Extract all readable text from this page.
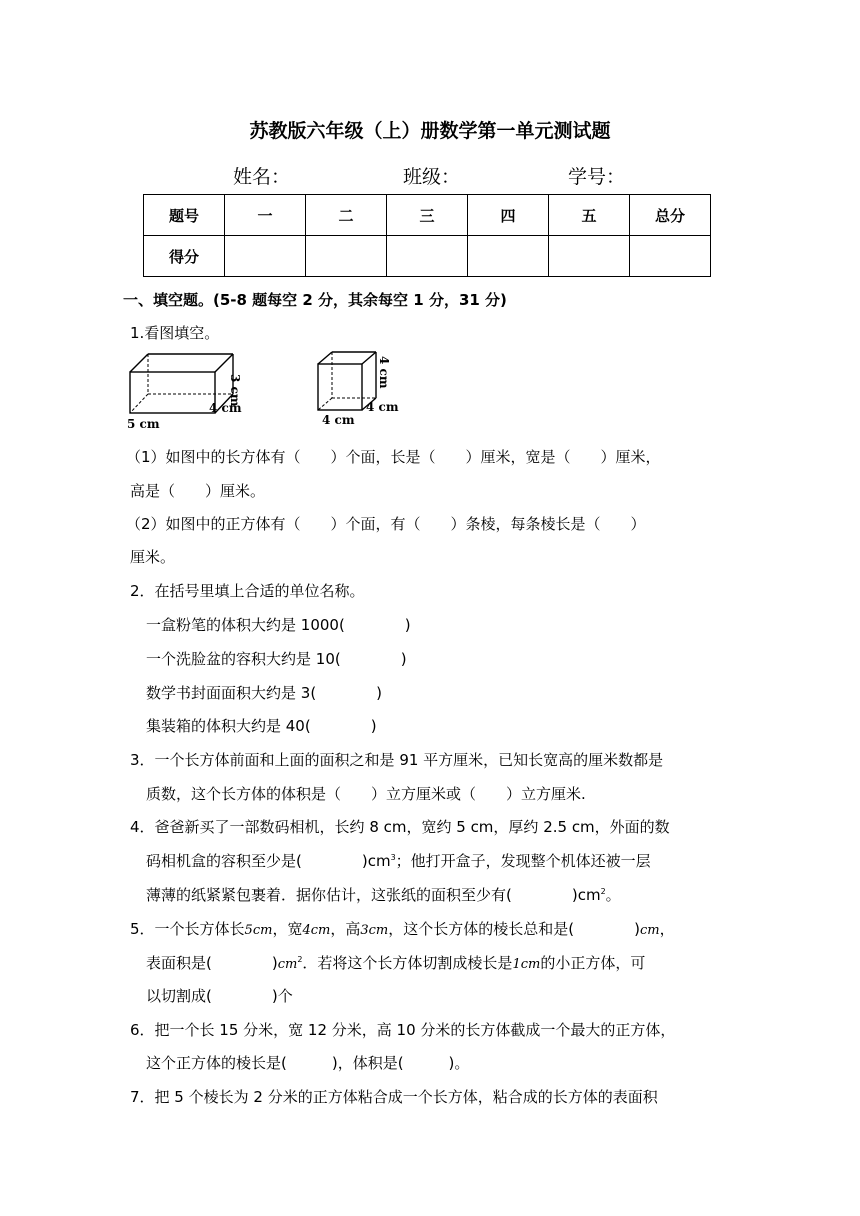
苏教版六年级（上）册数学第一单元测试题
姓名：	班级：	学号：
题号	一	二	三	四	五	总分
得分						
一、填空题。(5-8 题每空 2 分，其余每空 1 分，31 分)
1.看图填空。
3 cm
4 cm
5 cm
4 cm
4 cm
4 cm
（1）如图中的长方体有（　　）个面，长是（　　）厘米，宽是（　　）厘米，
高是（　　）厘米。
（2）如图中的正方体有（　　）个面，有（　　）条棱，每条棱长是（　　）
厘米。
2．在括号里填上合适的单位名称。
一盒粉笔的体积大约是 1000(　　　　)
一个洗脸盆的容积大约是 10(　　　　)
数学书封面面积大约是 3(　　　　)
集装箱的体积大约是 40(　　　　)
3．一个长方体前面和上面的面积之和是 91 平方厘米，已知长宽高的厘米数都是
质数，这个长方体的体积是（　　）立方厘米或（　　）立方厘米.
4．爸爸新买了一部数码相机，长约 8 cm，宽约 5 cm，厚约 2.5 cm，外面的数
码相机盒的容积至少是(　　　　)$cm^3$；他打开盒子，发现整个机体还被一层
薄薄的纸紧紧包裹着．据你估计，这张纸的面积至少有(　　　　)$cm^2$。
5．一个长方体长5cm，宽4cm，高3cm，这个长方体的棱长总和是(　　　　)cm，
表面积是(　　　　)$cm^2$．若将这个长方体切割成棱长是1cm的小正方体，可
以切割成(　　　　)个
6．把一个长 15 分米，宽 12 分米，高 10 分米的长方体截成一个最大的正方体，
这个正方体的棱长是(　　　)，体积是(　　　)。
7．把 5 个棱长为 2 分米的正方体粘合成一个长方体，粘合成的长方体的表面积
